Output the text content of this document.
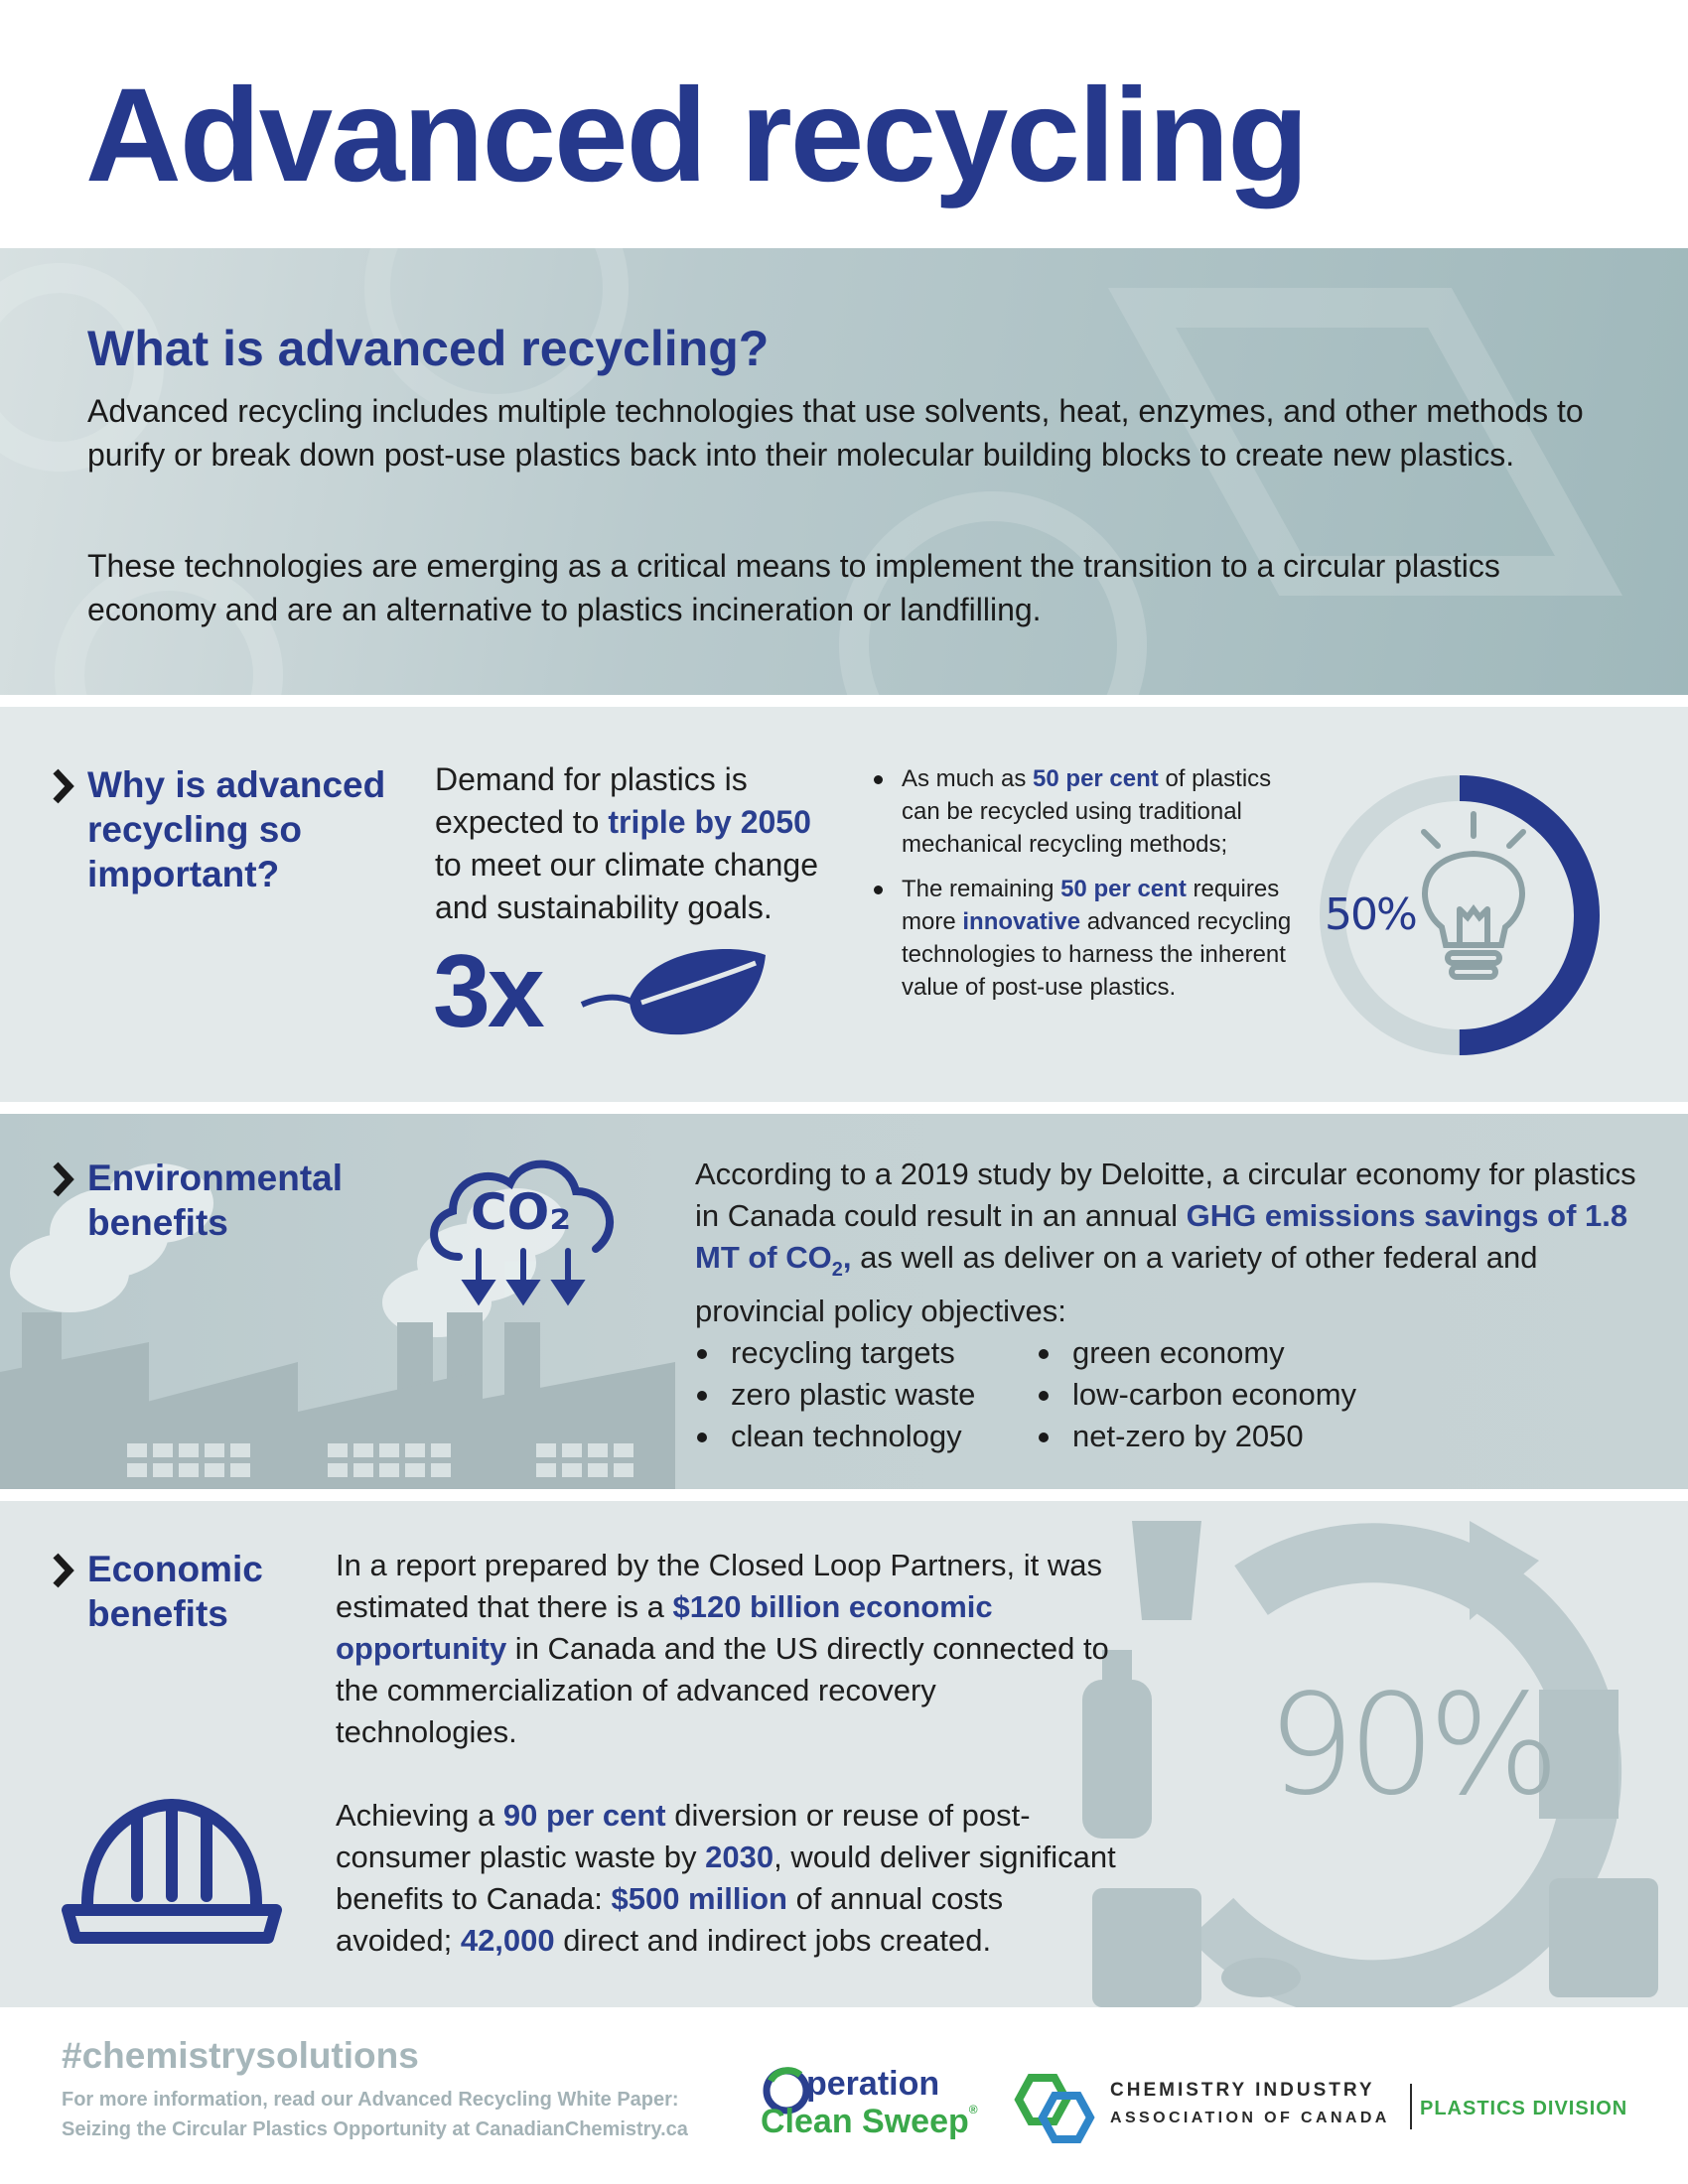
Advanced recycling
What is advanced recycling?

Advanced recycling includes multiple technologies that use solvents, heat, enzymes, and other methods to purify or break down post-use plastics back into their molecular building blocks to create new plastics.

These technologies are emerging as a critical means to implement the transition to a circular plastics economy and are an alternative to plastics incineration or landfilling.

Why is advanced
recycling so
important?
Demand for plastics is expected to triple by 2050 to meet our climate change and sustainability goals.
3x
As much as 50 per cent of plastics can be recycled using traditional mechanical recycling methods;
The remaining 50 per cent requires more innovative advanced recycling technologies to harness the inherent value of post-use plastics.
50%
Environmental
benefits	CO₂
According to a 2019 study by Deloitte, a circular economy for plastics in Canada could result in an annual GHG emissions savings of 1.8 MT of $CO_2$, as well as deliver on a variety of other federal and provincial policy objectives:
recycling targets
zero plastic waste
clean technology
green economy
low-carbon economy
net-zero by 2050
90%
Economic
benefits
In a report prepared by the Closed Loop Partners, it was estimated that there is a $120 billion economic opportunity in Canada and the US directly connected to the commercialization of advanced recovery technologies.
Achieving a 90 per cent diversion or reuse of post-consumer plastic waste by 2030, would deliver significant benefits to Canada: $500 million of annual costs avoided; 42,000 direct and indirect jobs created.
#chemistrysolutions
For more information, read our Advanced Recycling White Paper:
Seizing the Circular Plastics Opportunity at CanadianChemistry.ca
peration
Clean Sweep®
CHEMISTRY INDUSTRY
ASSOCIATION OF CANADA PLASTICS DIVISION
